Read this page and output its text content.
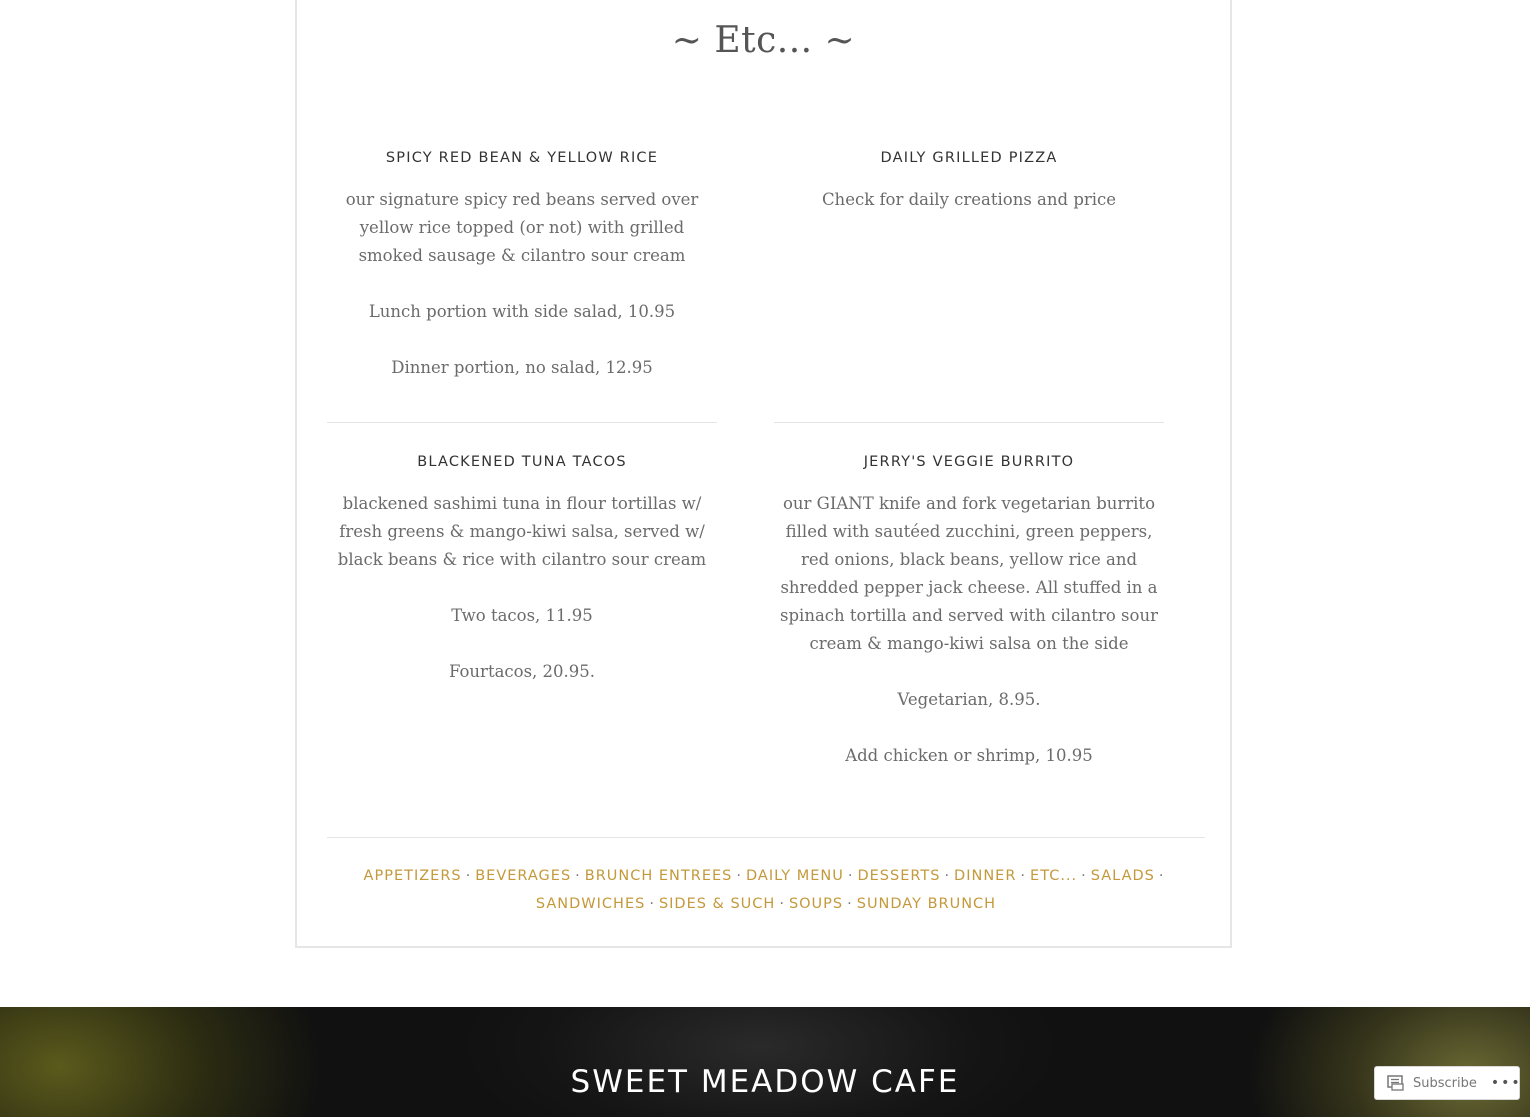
~ Etc... ~
SPICY RED BEAN & YELLOW RICE
our signature spicy red beans served over yellow rice topped (or not) with grilled smoked sausage & cilantro sour cream
Lunch portion with side salad, 10.95
Dinner portion, no salad, 12.95
DAILY GRILLED PIZZA
Check for daily creations and price
BLACKENED TUNA TACOS
blackened sashimi tuna in flour tortillas w/ fresh greens & mango-kiwi salsa, served w/ black beans & rice with cilantro sour cream
Two tacos, 11.95
Fourtacos, 20.95.
JERRY'S VEGGIE BURRITO
our GIANT knife and fork vegetarian burrito filled with sautéed zucchini, green peppers, red onions, black beans, yellow rice and shredded pepper jack cheese. All stuffed in a spinach tortilla and served with cilantro sour cream & mango-kiwi salsa on the side
Vegetarian, 8.95.
Add chicken or shrimp, 10.95
APPETIZERS · BEVERAGES · BRUNCH ENTREES · DAILY MENU · DESSERTS · DINNER · ETC... · SALADS ·
SANDWICHES · SIDES & SUCH · SOUPS · SUNDAY BRUNCH
SWEET MEADOW CAFE	Subscribe •••
